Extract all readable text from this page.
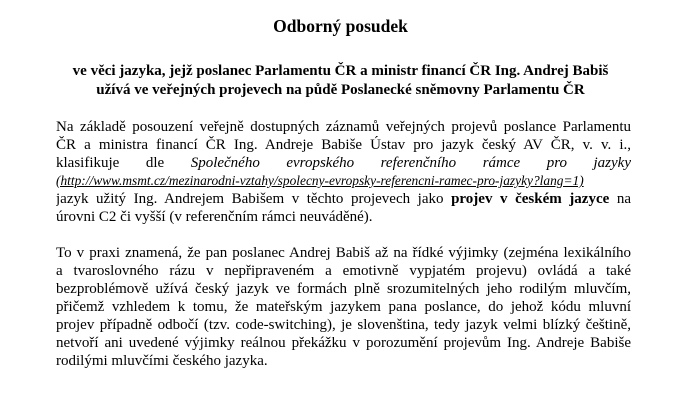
Odborný posudek
ve věci jazyka, jejž poslanec Parlamentu ČR a ministr financí ČR Ing. Andrej Babiš
užívá ve veřejných projevech na půdě Poslanecké sněmovny Parlamentu ČR
Na základě posouzení veřejně dostupných záznamů veřejných projevů poslance Parlamentu
ČR a ministra financí ČR Ing. Andreje Babiše Ústav pro jazyk český AV ČR, v. v. i.,
klasifikuje dle Společného evropského referenčního rámce pro jazyky
(http://www.msmt.cz/mezinarodni-vztahy/spolecny-evropsky-referencni-ramec-pro-jazyky?lang=1)
jazyk užitý Ing. Andrejem Babišem v těchto projevech jako projev v českém jazyce na
úrovni C2 či vyšší (v referenčním rámci neuváděné).
To v praxi znamená, že pan poslanec Andrej Babiš až na řídké výjimky (zejména lexikálního
a tvaroslovného rázu v nepřipraveném a emotivně vypjatém projevu) ovládá a také
bezproblémově užívá český jazyk ve formách plně srozumitelných jeho rodilým mluvčím,
přičemž vzhledem k tomu, že mateřským jazykem pana poslance, do jehož kódu mluvní
projev případně odbočí (tzv. code-switching), je slovenština, tedy jazyk velmi blízký češtině,
netvoří ani uvedené výjimky reálnou překážku v porozumění projevům Ing. Andreje Babiše
rodilými mluvčími českého jazyka.
